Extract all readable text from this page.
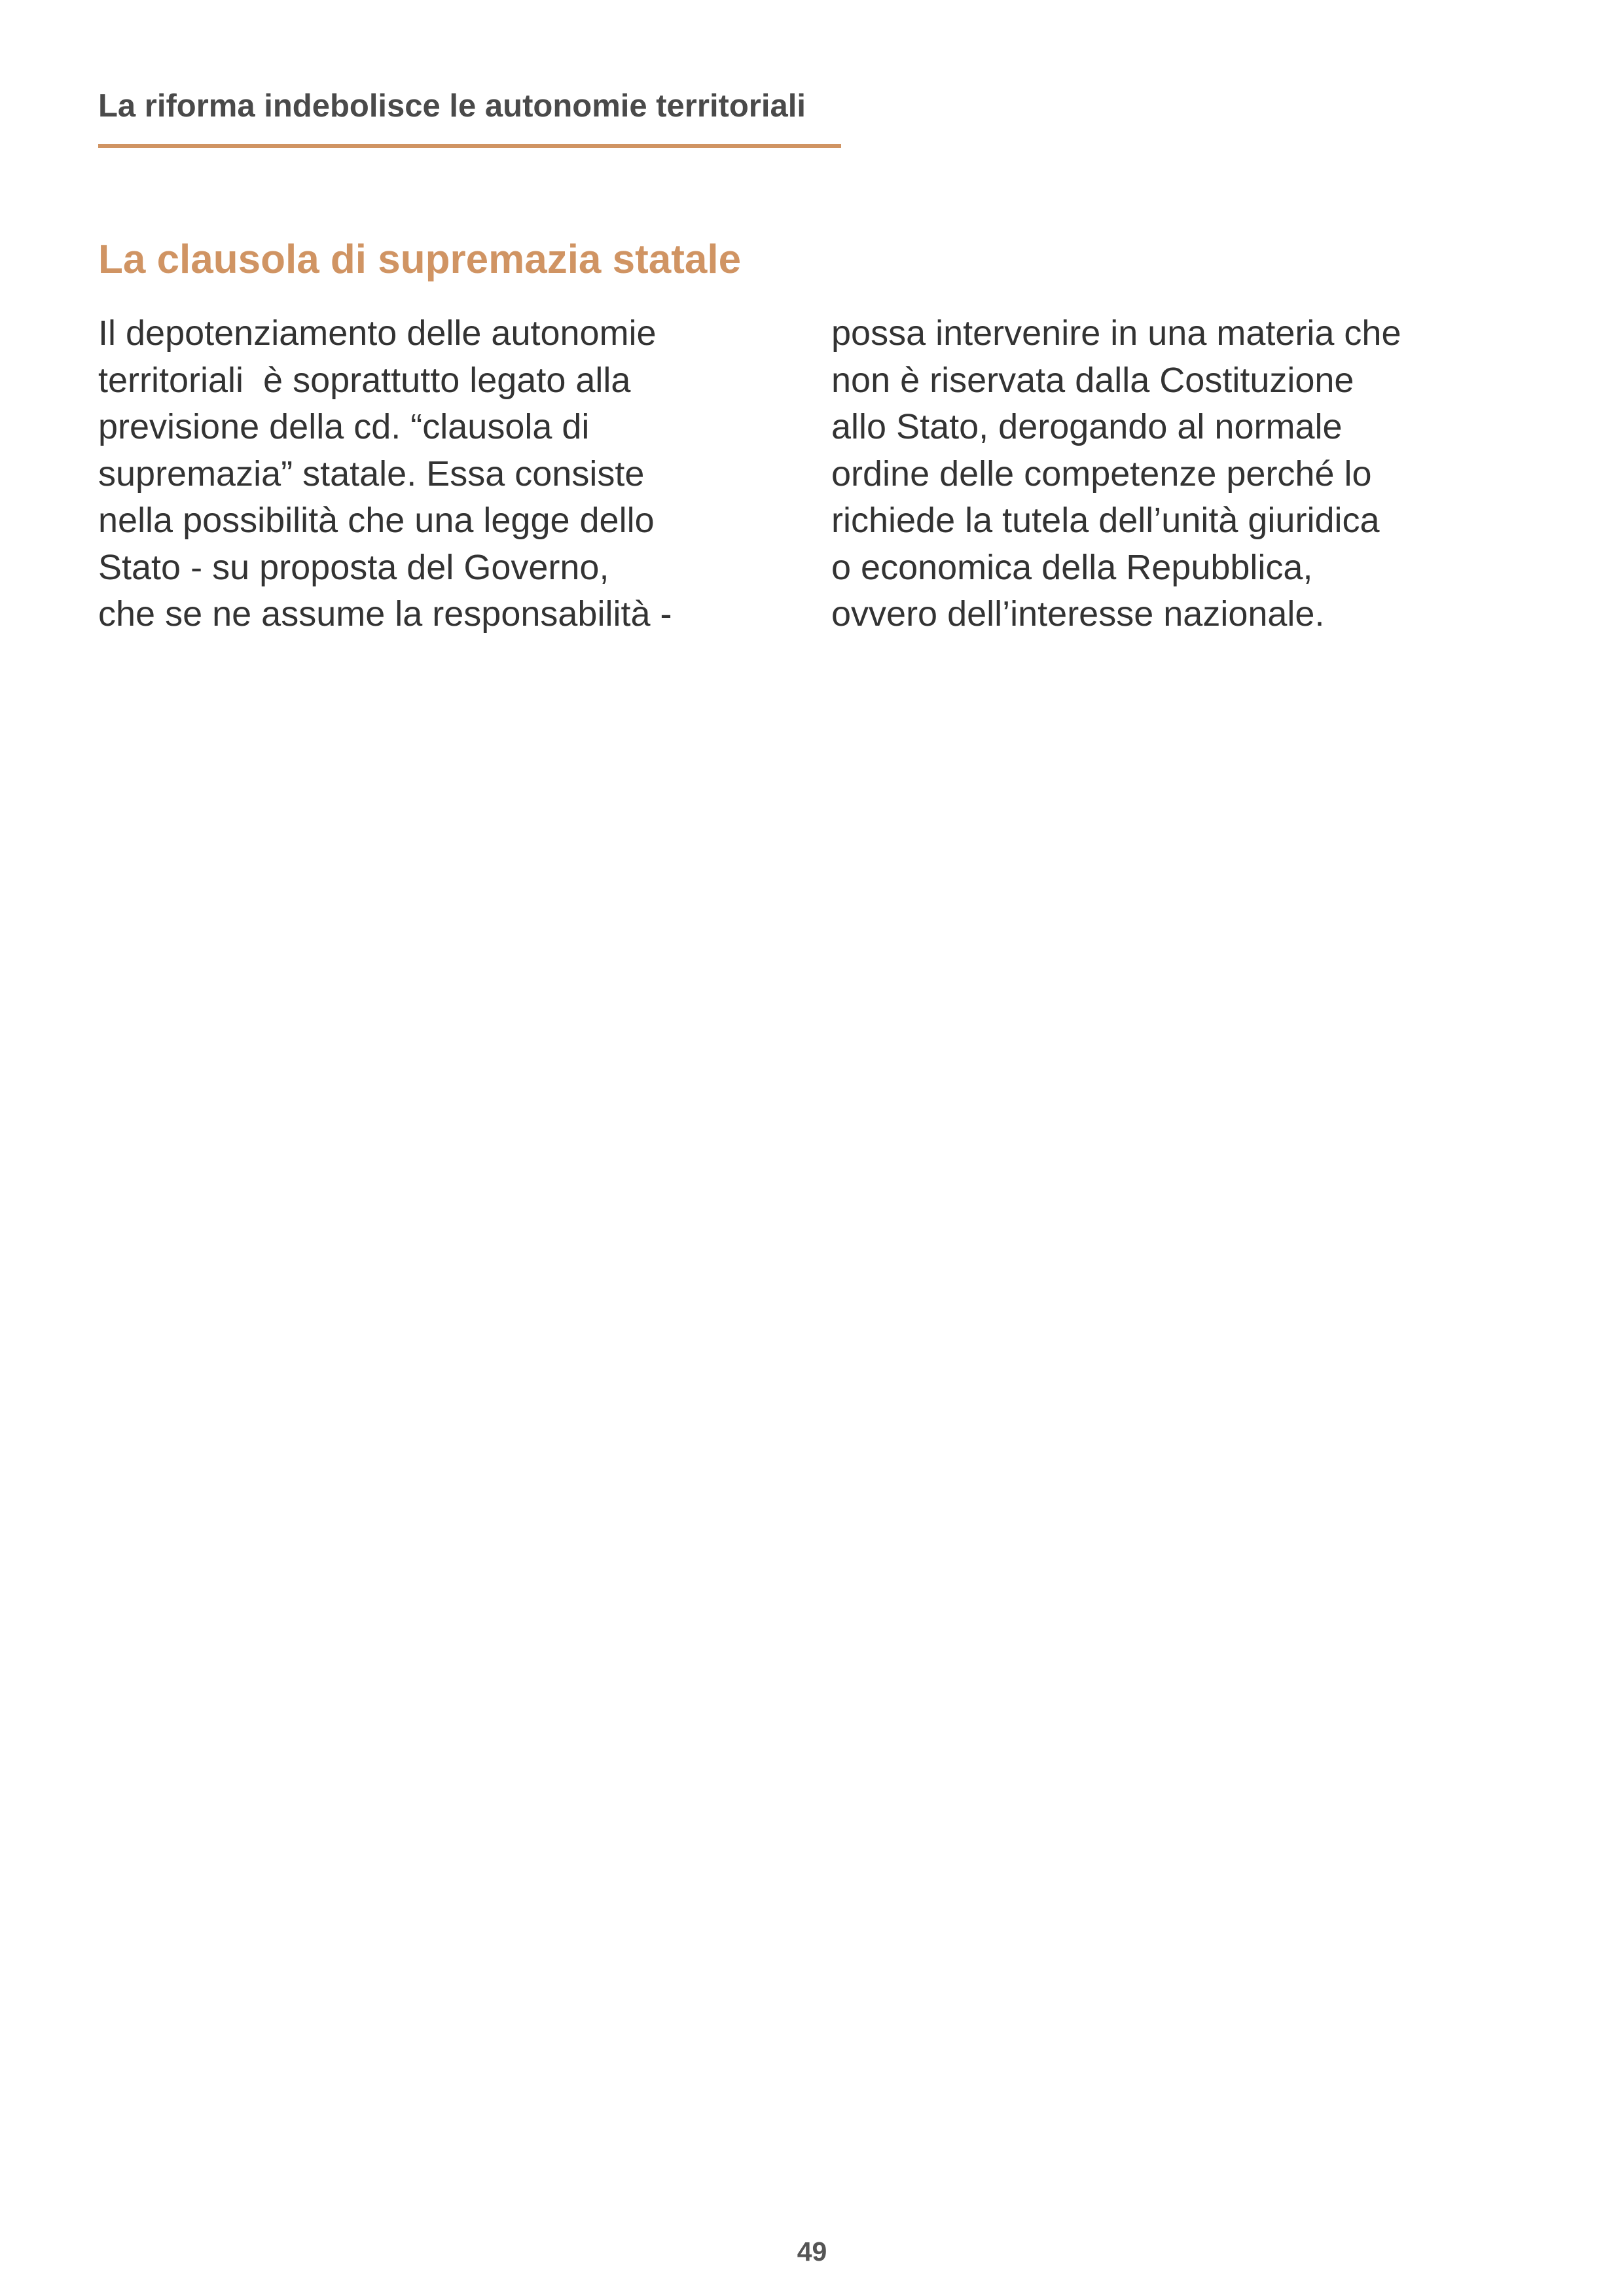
La riforma indebolisce le autonomie territoriali
La clausola di supremazia statale
Il depotenziamento delle autonomie
territoriali  è soprattutto legato alla
previsione della cd. “clausola di
supremazia” statale. Essa consiste
nella possibilità che una legge dello
Stato - su proposta del Governo,
che se ne assume la responsabilità -
possa intervenire in una materia che
non è riservata dalla Costituzione
allo Stato, derogando al normale
ordine delle competenze perché lo
richiede la tutela dell’unità giuridica
o economica della Repubblica,
ovvero dell’interesse nazionale.
49
